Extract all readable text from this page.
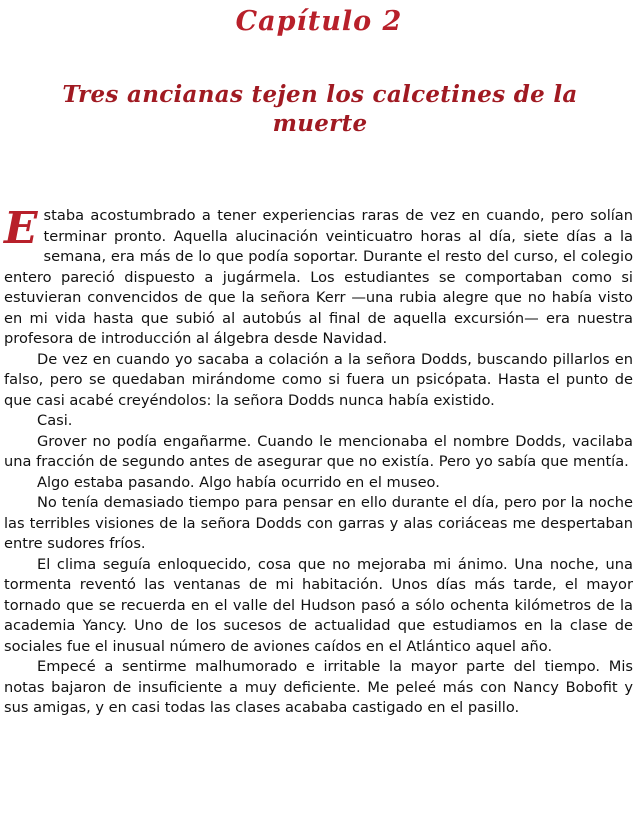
Capítulo 2
Tres ancianas tejen los calcetines de la muerte

Estaba acostumbrado a tener experiencias raras de vez en cuando, pero solían terminar pronto. Aquella alucinación veinticuatro horas al día, siete días a la semana, era más de lo que podía soportar. Durante el resto del curso, el colegio entero pareció dispuesto a jugármela. Los estudiantes se comportaban como si estuvieran convencidos de que la señora Kerr —una rubia alegre que no había visto en mi vida hasta que subió al autobús al final de aquella excursión— era nuestra profesora de introducción al álgebra desde Navidad.

De vez en cuando yo sacaba a colación a la señora Dodds, buscando pillarlos en falso, pero se quedaban mirándome como si fuera un psicópata. Hasta el punto de que casi acabé creyéndolos: la señora Dodds nunca había existido.

Casi.

Grover no podía engañarme. Cuando le mencionaba el nombre Dodds, vacilaba una fracción de segundo antes de asegurar que no existía. Pero yo sabía que mentía.

Algo estaba pasando. Algo había ocurrido en el museo.

No tenía demasiado tiempo para pensar en ello durante el día, pero por la noche las terribles visiones de la señora Dodds con garras y alas coriáceas me despertaban entre sudores fríos.

El clima seguía enloquecido, cosa que no mejoraba mi ánimo. Una noche, una tormenta reventó las ventanas de mi habitación. Unos días más tarde, el mayor tornado que se recuerda en el valle del Hudson pasó a sólo ochenta kilómetros de la academia Yancy. Uno de los sucesos de actualidad que estudiamos en la clase de sociales fue el inusual número de aviones caídos en el Atlántico aquel año.

Empecé a sentirme malhumorado e irritable la mayor parte del tiempo. Mis notas bajaron de insuficiente a muy deficiente. Me peleé más con Nancy Bobofit y sus amigas, y en casi todas las clases acababa castigado en el pasillo.
